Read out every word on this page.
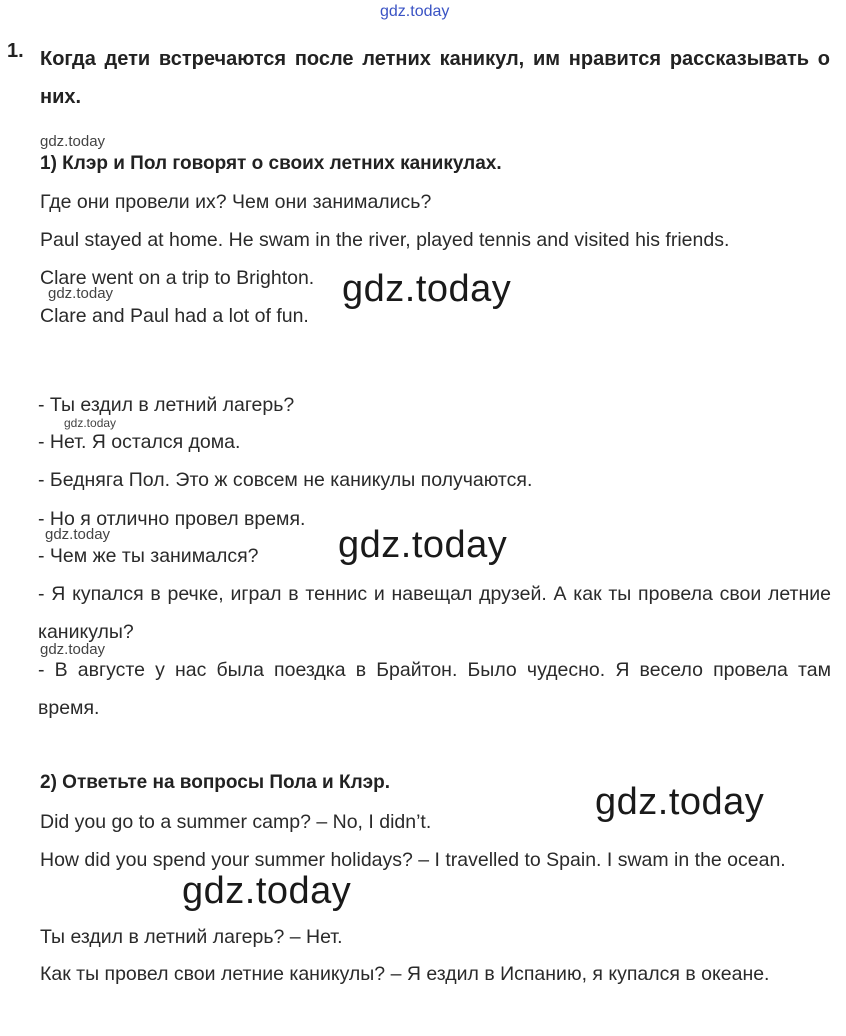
gdz.today
1. Когда дети встречаются после летних каникул, им нравится рассказывать о них.
gdz.today
1) Клэр и Пол говорят о своих летних каникулах.
Где они провели их? Чем они занимались?
Paul stayed at home. He swam in the river, played tennis and visited his friends.
Clare went on a trip to Brighton.
gdz.today	gdz.today
Clare and Paul had a lot of fun.
- Ты ездил в летний лагерь?
gdz.today
- Нет. Я остался дома.
- Бедняга Пол. Это ж совсем не каникулы получаются.
- Но я отлично провел время.
gdz.today
- Чем же ты занимался? gdz.today
- Я купался в речке, играл в теннис и навещал друзей. А как ты провела свои летние каникулы?
gdz.today
- В августе у нас была поездка в Брайтон. Было чудесно. Я весело провела там время.
2) Ответьте на вопросы Пола и Клэр.	gdz.today
Did you go to a summer camp? – No, I didn’t.
How did you spend your summer holidays? – I travelled to Spain. I swam in the ocean.
gdz.today
Ты ездил в летний лагерь? – Нет.
Как ты провел свои летние каникулы? – Я ездил в Испанию, я купался в океане.
